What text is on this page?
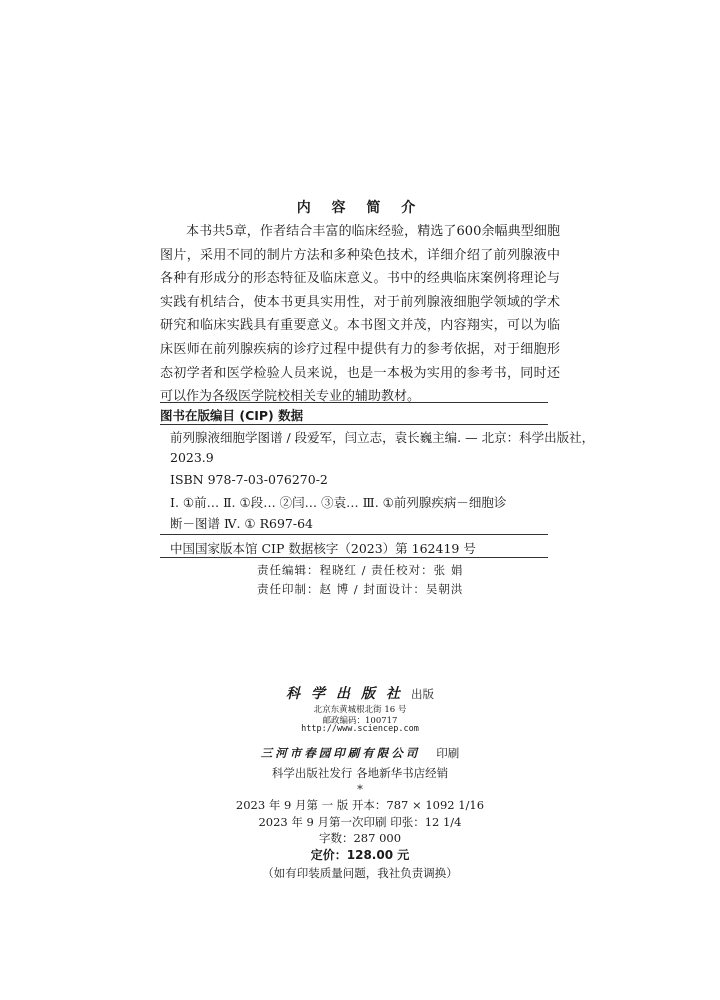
内 容 简 介

本书共5章，作者结合丰富的临床经验，精选了600余幅典型细胞图片，采用不同的制片方法和多种染色技术，详细介绍了前列腺液中各种有形成分的形态特征及临床意义。书中的经典临床案例将理论与实践有机结合，使本书更具实用性，对于前列腺液细胞学领域的学术研究和临床实践具有重要意义。本书图文并茂，内容翔实，可以为临床医师在前列腺疾病的诊疗过程中提供有力的参考依据，对于细胞形态初学者和医学检验人员来说，也是一本极为实用的参考书，同时还可以作为各级医学院校相关专业的辅助教材。

图书在版编目 (CIP) 数据
前列腺液细胞学图谱 / 段爱军，闫立志，袁长巍主编. — 北京：科学出版社，
2023.9
ISBN 978-7-03-076270-2
Ⅰ. ①前… Ⅱ. ①段… ②闫… ③袁… Ⅲ. ①前列腺疾病－细胞诊
断－图谱 Ⅳ. ① R697-64
中国国家版本馆 CIP 数据核字（2023）第 162419 号
责任编辑：程晓红 / 责任校对：张 娟
责任印制：赵 博 / 封面设计：吴朝洪
科学出版社出版
北京东黄城根北街 16 号
邮政编码：100717
http://www.sciencep.com
三河市春园印刷有限公司 印刷
科学出版社发行 各地新华书店经销
*
2023 年 9 月第 一 版 开本：787 × 1092 1/16
2023 年 9 月第一次印刷 印张：12 1/4
字数：287 000
定价：128.00 元
（如有印装质量问题，我社负责调换）
